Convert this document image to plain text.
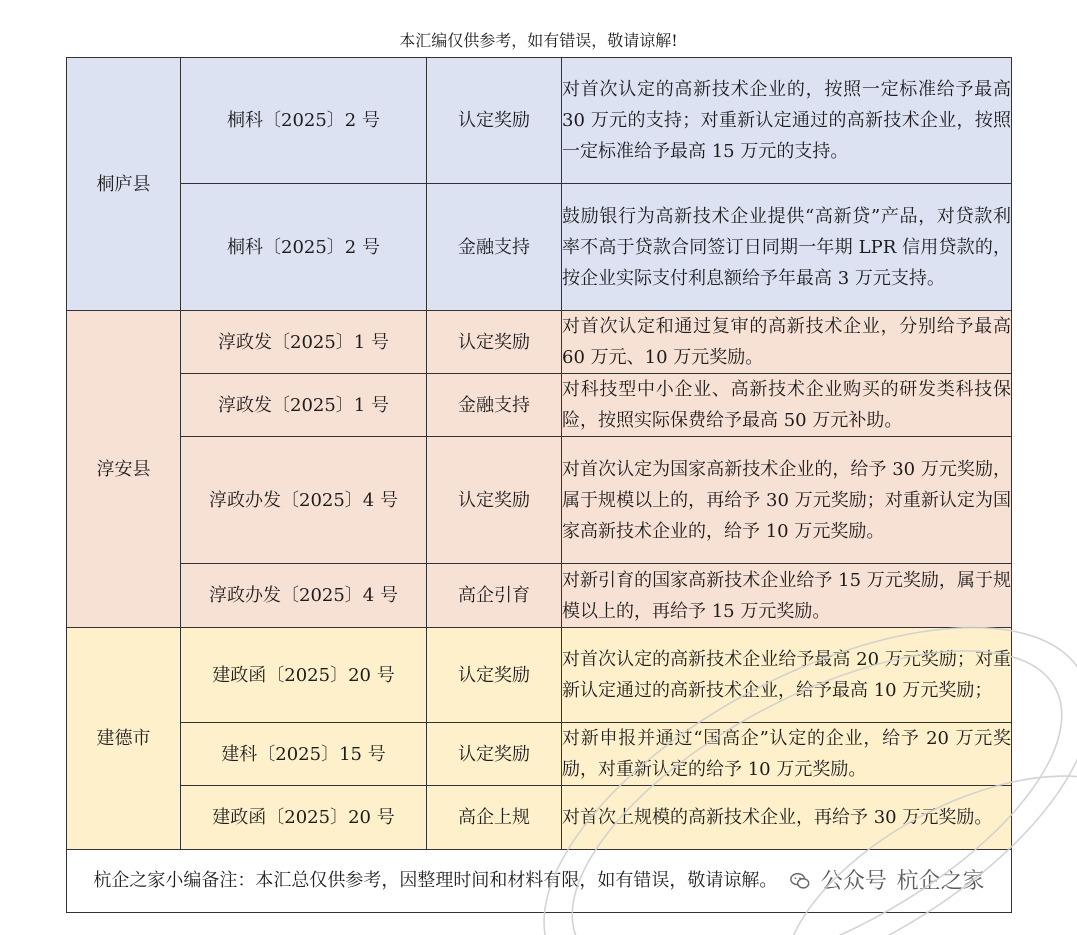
本汇编仅供参考，如有错误，敬请谅解!
桐庐县	桐科〔2025〕2 号	认定奖励	对首次认定的高新技术企业的，按照一定标准给予最高 30 万元的支持；对重新认定通过的高新技术企业，按照一定标准给予最高 15 万元的支持。
	桐科〔2025〕2 号	金融支持	鼓励银行为高新技术企业提供“高新贷”产品，对贷款利率不高于贷款合同签订日同期一年期 LPR 信用贷款的，按企业实际支付利息额给予年最高 3 万元支持。
淳安县	淳政发〔2025〕1 号	认定奖励	对首次认定和通过复审的高新技术企业，分别给予最高 60 万元、10 万元奖励。
	淳政发〔2025〕1 号	金融支持	对科技型中小企业、高新技术企业购买的研发类科技保险，按照实际保费给予最高 50 万元补助。
	淳政办发〔2025〕4 号	认定奖励	对首次认定为国家高新技术企业的，给予 30 万元奖励，属于规模以上的，再给予 30 万元奖励；对重新认定为国家高新技术企业的，给予 10 万元奖励。
	淳政办发〔2025〕4 号	高企引育	对新引育的国家高新技术企业给予 15 万元奖励，属于规模以上的，再给予 15 万元奖励。
建德市	建政函〔2025〕20 号	认定奖励	对首次认定的高新技术企业给予最高 20 万元奖励；对重新认定通过的高新技术企业，给予最高 10 万元奖励；
	建科〔2025〕15 号	认定奖励	对新申报并通过“国高企”认定的企业，给予 20 万元奖励，对重新认定的给予 10 万元奖励。
	建政函〔2025〕20 号	高企上规	对首次上规模的高新技术企业，再给予 30 万元奖励。
杭企之家小编备注：本汇总仅供参考，因整理时间和材料有限，如有错误，敬请谅解。 公众号 杭企之家			
